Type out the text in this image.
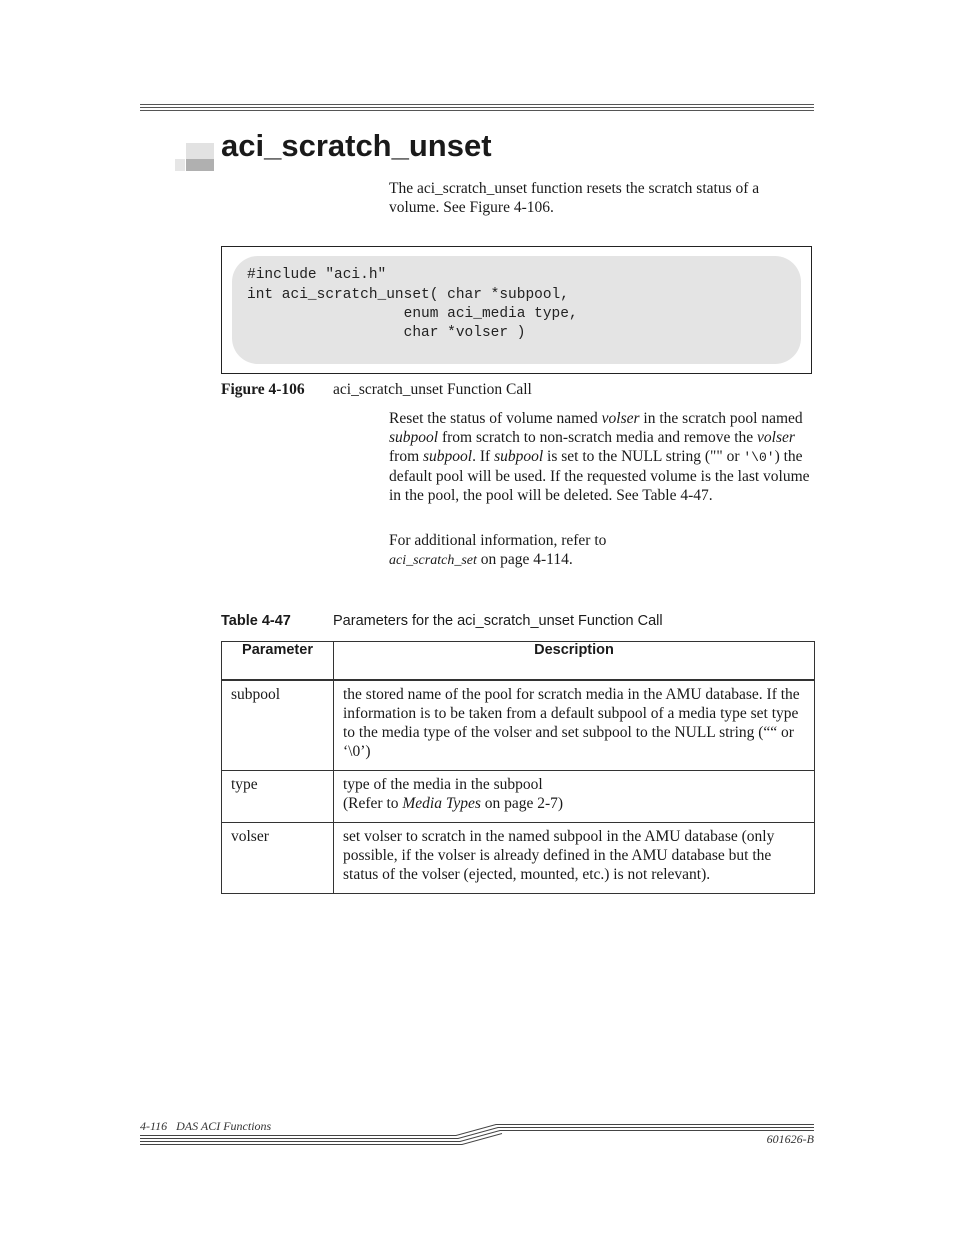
aci_scratch_unset
The aci_scratch_unset function resets the scratch status of a volume. See Figure 4-106.
#include "aci.h"
int aci_scratch_unset( char *subpool,
enum aci_media type,
char *volser )
Figure 4-106 aci_scratch_unset Function Call
Reset the status of volume named volser in the scratch pool named subpool from scratch to non-scratch media and remove the volser from subpool. If subpool is set to the NULL string ("" or '\0') the default pool will be used. If the requested volume is the last volume in the pool, the pool will be deleted. See Table 4-47.
For additional information, refer to
aci_scratch_set on page 4-114.
Table 4-47	Parameters for the aci_scratch_unset Function Call
Parameter	Description
subpool	the stored name of the pool for scratch media in the AMU database. If the information is to be taken from a default subpool of a media type set type to the media type of the volser and set subpool to the NULL string (““ or ‘\0’)
type	type of the media in the subpool
(Refer to Media Types on page 2-7)

volser	set volser to scratch in the named subpool in the AMU database (only possible, if the volser is already defined in the AMU database but the status of the volser (ejected, mounted, etc.) is not relevant).
4-116 DAS ACI Functions
601626-B
